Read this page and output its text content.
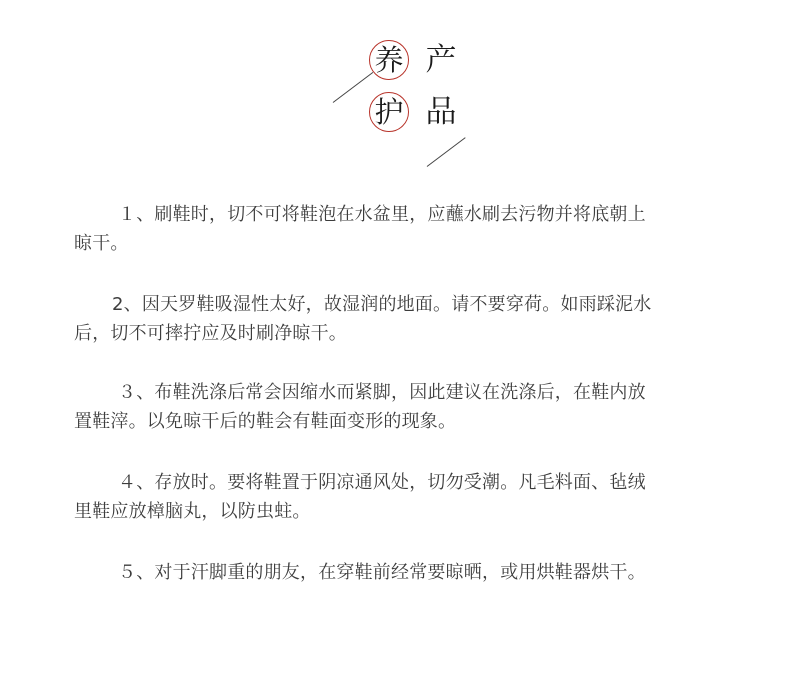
养 产
护 品
１、刷鞋时，切不可将鞋泡在水盆里，应蘸水刷去污物并将底朝上
晾干。
2、因天罗鞋吸湿性太好，故湿润的地面。请不要穿荷。如雨踩泥水
后，切不可摔拧应及时刷净晾干。
３、布鞋洗涤后常会因缩水而紧脚，因此建议在洗涤后，在鞋内放
置鞋滓。以免晾干后的鞋会有鞋面变形的现象。
４、存放时。要将鞋置于阴凉通风处，切勿受潮。凡毛料面、毡绒
里鞋应放樟脑丸，以防虫蛀。
５、对于汗脚重的朋友，在穿鞋前经常要晾晒，或用烘鞋器烘干。
